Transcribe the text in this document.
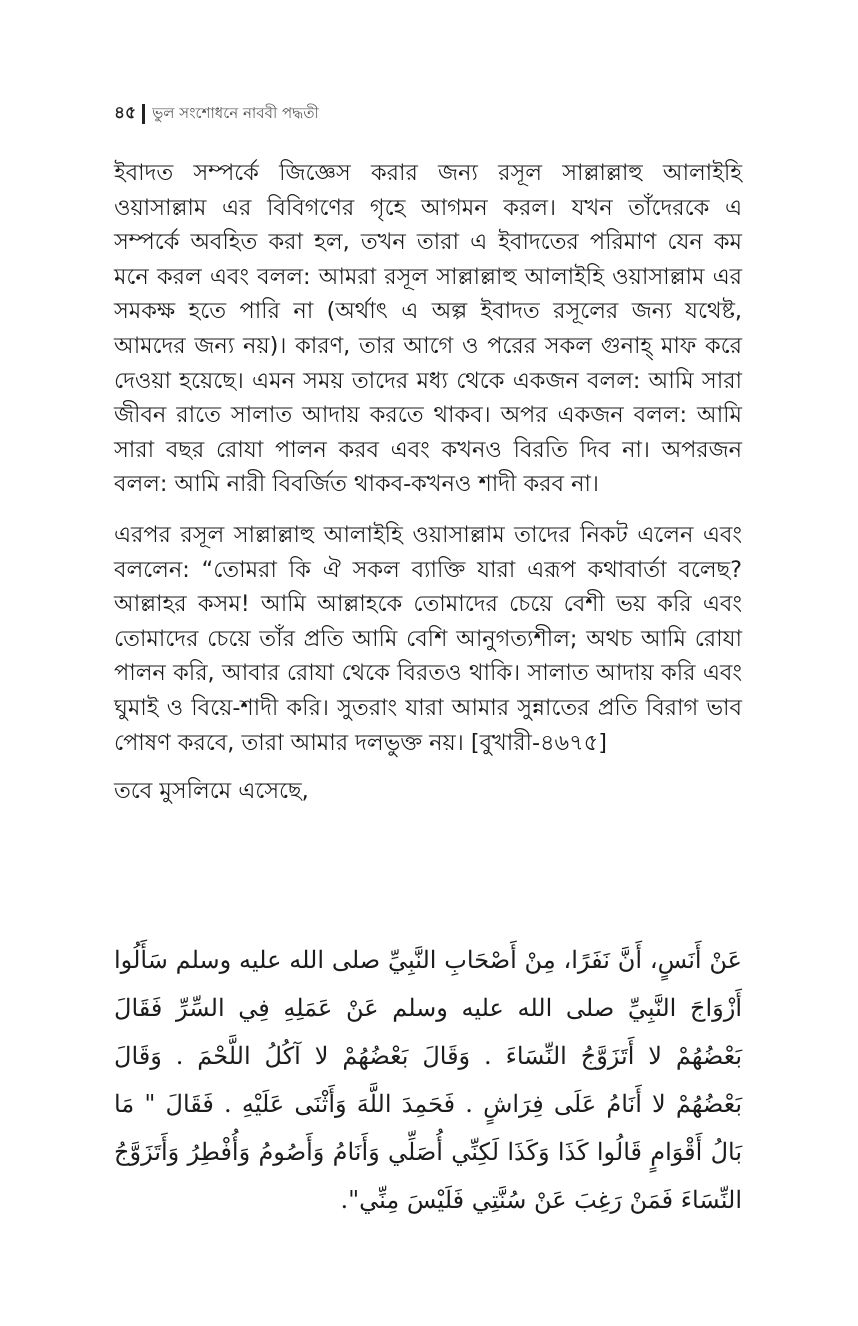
৪৫ ভুল সংশোধনে নাববী পদ্ধতী

ইবাদত সম্পর্কে জিজ্ঞেস করার জন্য রসূল সাল্লাল্লাহু আলাইহি ওয়াসাল্লাম এর বিবিগণের গৃহে আগমন করল। যখন তাঁদেরকে এ সম্পর্কে অবহিত করা হল, তখন তারা এ ইবাদতের পরিমাণ যেন কম মনে করল এবং বলল: আমরা রসূল সাল্লাল্লাহু আলাইহি ওয়াসাল্লাম এর সমকক্ষ হতে পারি না (অর্থাৎ এ অল্প ইবাদত রসূলের জন্য যথেষ্ট, আমদের জন্য নয়)। কারণ, তার আগে ও পরের সকল গুনাহ্ মাফ করে দেওয়া হয়েছে। এমন সময় তাদের মধ্য থেকে একজন বলল: আমি সারা জীবন রাতে সালাত আদায় করতে থাকব। অপর একজন বলল: আমি সারা বছর রোযা পালন করব এবং কখনও বিরতি দিব না। অপরজন বলল: আমি নারী বিবর্জিত থাকব-কখনও শাদী করব না।

এরপর রসূল সাল্লাল্লাহু আলাইহি ওয়াসাল্লাম তাদের নিকট এলেন এবং বললেন: “তোমরা কি ঐ সকল ব্যাক্তি যারা এরূপ কথাবার্তা বলেছ? আল্লাহর কসম! আমি আল্লাহকে তোমাদের চেয়ে বেশী ভয় করি এবং তোমাদের চেয়ে তাঁর প্রতি আমি বেশি আনুগত্যশীল; অথচ আমি রোযা পালন করি, আবার রোযা থেকে বিরতও থাকি। সালাত আদায় করি এবং ঘুমাই ও বিয়ে-শাদী করি। সুতরাং যারা আমার সুন্নাতের প্রতি বিরাগ ভাব পোষণ করবে, তারা আমার দলভুক্ত নয়। [বুখারী-৪৬৭৫]

তবে মুসলিমে এসেছে,

عَنْ أَنَسٍ، أَنَّ نَفَرًا، مِنْ أَصْحَابِ النَّبِيِّ صلى الله عليه وسلم سَأَلُوا أَزْوَاجَ النَّبِيِّ صلى الله عليه وسلم عَنْ عَمَلِهِ فِي السِّرِّ فَقَالَ بَعْضُهُمْ لا أَتَزَوَّجُ النِّسَاءَ . وَقَالَ بَعْضُهُمْ لا آكُلُ اللَّحْمَ . وَقَالَ بَعْضُهُمْ لا أَنَامُ عَلَى فِرَاشٍ . فَحَمِدَ اللَّهَ وَأَثْنَى عَلَيْهِ . فَقَالَ " مَا بَالُ أَقْوَامٍ قَالُوا كَذَا وَكَذَا لَكِنِّي أُصَلِّي وَأَنَامُ وَأَصُومُ وَأُفْطِرُ وَأَتَزَوَّجُ النِّسَاءَ فَمَنْ رَغِبَ عَنْ سُنَّتِي فَلَيْسَ مِنِّي".
